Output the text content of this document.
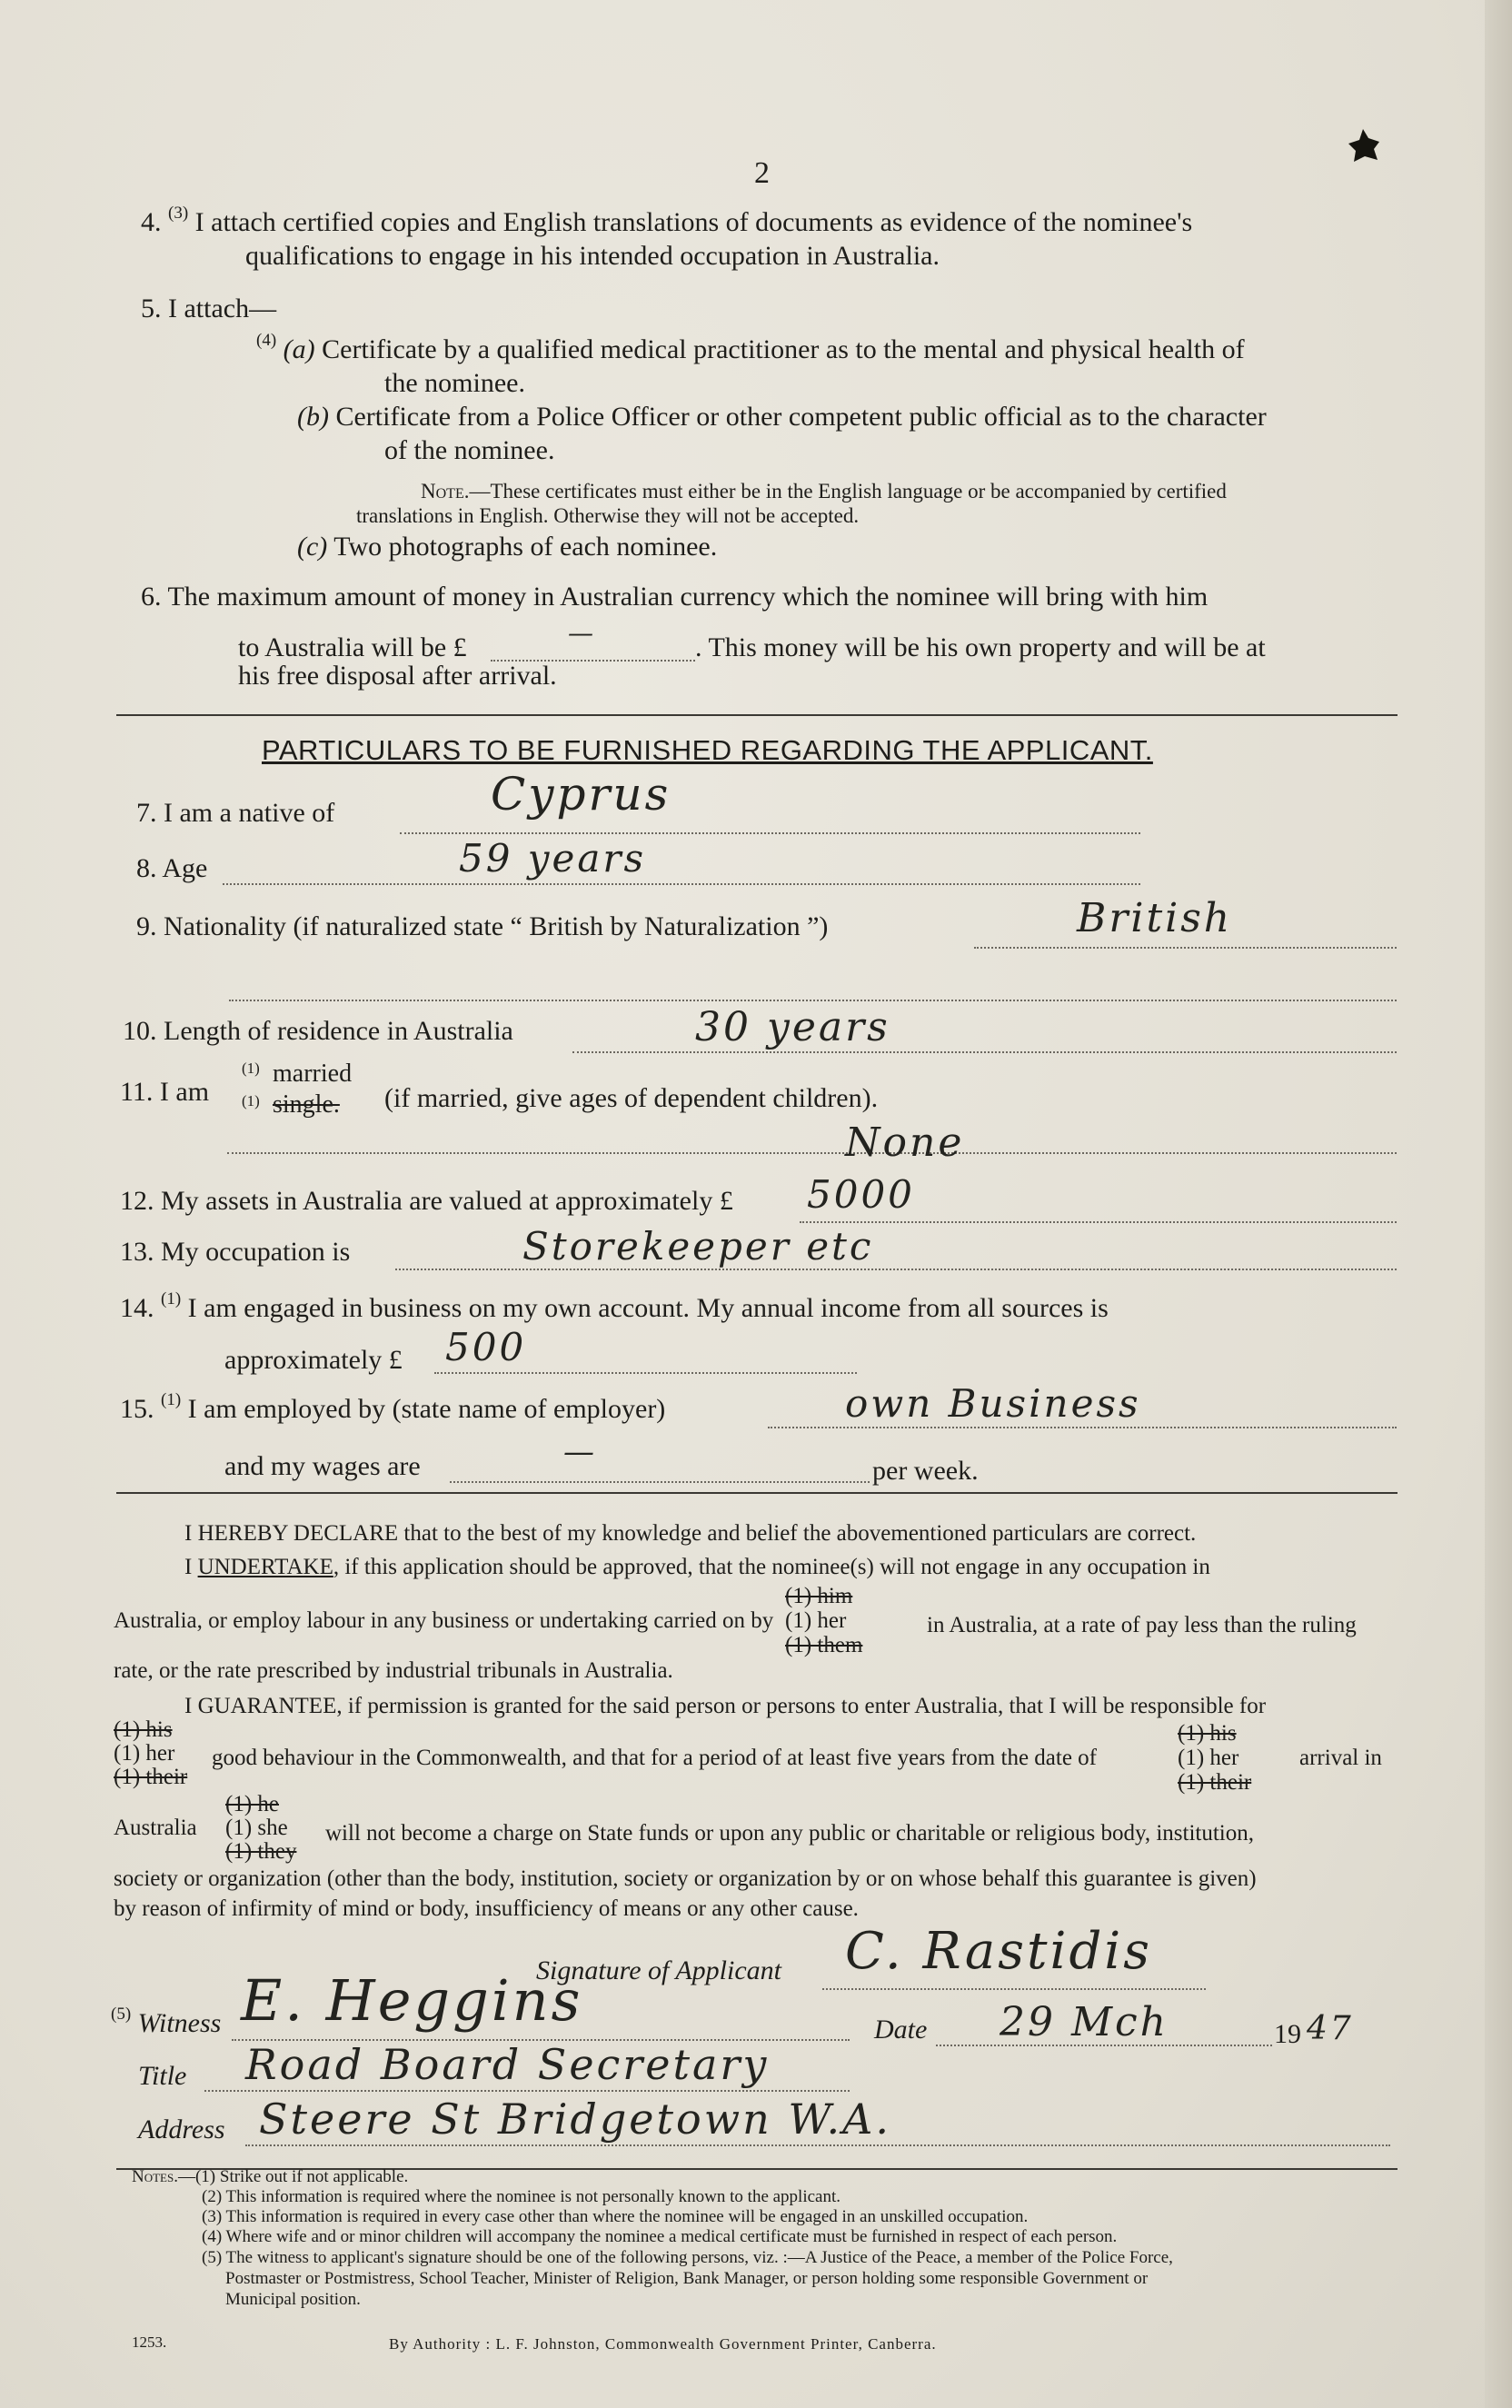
2
4. $^{(3)}$ I attach certified copies and English translations of documents as evidence of the nominee's
qualifications to engage in his intended occupation in Australia.
5. I attach—
$^{(4)}$ (a) Certificate by a qualified medical practitioner as to the mental and physical health of
the nominee.
(b) Certificate from a Police Officer or other competent public official as to the character
of the nominee.
Note.—These certificates must either be in the English language or be accompanied by certified
translations in English. Otherwise they will not be accepted.
(c) Two photographs of each nominee.
6. The maximum amount of money in Australian currency which the nominee will bring with him
to Australia will be £	—	. This money will be his own property and will be at
his free disposal after arrival.
PARTICULARS TO BE FURNISHED REGARDING THE APPLICANT.
7. I am a native of	Cyprus
8. Age	59 years
9. Nationality (if naturalized state “ British by Naturalization ”)	British
10. Length of residence in Australia	30 years
11. I am
(1)
(1)
married
single. (if married, give ages of dependent children).
None
12. My assets in Australia are valued at approximately £ 5000
13. My occupation is	Storekeeper etc
14. $^{(1)}$ I am engaged in business on my own account. My annual income from all sources is
approximately £ 500
15. $^{(1)}$ I am employed by (state name of employer)	own Business
and my wages are	—
per week.
I HEREBY DECLARE that to the best of my knowledge and belief the abovementioned particulars are correct.
I UNDERTAKE, if this application should be approved, that the nominee(s) will not engage in any occupation in
(1) him
Australia, or employ labour in any business or undertaking carried on by (1) her	in Australia, at a rate of pay less than the ruling
(1) them
rate, or the rate prescribed by industrial tribunals in Australia.
I GUARANTEE, if permission is granted for the said person or persons to enter Australia, that I will be responsible for
(1) his
(1) her
(1) their
good behaviour in the Commonwealth, and that for a period of at least five years from the date of
(1) his
(1) her
(1) their
arrival in
(1) he
Australia (1) she
(1) they
will not become a charge on State funds or upon any public or charitable or religious body, institution,
society or organization (other than the body, institution, society or organization by or on whose behalf this guarantee is given)
by reason of infirmity of mind or body, insufficiency of means or any other cause.
Signature of Applicant C. Rastidis
$^{(5)}$ Witness E. Heggins	Date 29 Mch	19 47
Title Road Board Secretary
Address Steere St Bridgetown W.A.
Notes.—(1) Strike out if not applicable.
(2) This information is required where the nominee is not personally known to the applicant.
(3) This information is required in every case other than where the nominee will be engaged in an unskilled occupation.
(4) Where wife and or minor children will accompany the nominee a medical certificate must be furnished in respect of each person.
(5) The witness to applicant's signature should be one of the following persons, viz. :—A Justice of the Peace, a member of the Police Force,
Postmaster or Postmistress, School Teacher, Minister of Religion, Bank Manager, or person holding some responsible Government or
Municipal position.
1253.	By Authority : L. F. Johnston, Commonwealth Government Printer, Canberra.
